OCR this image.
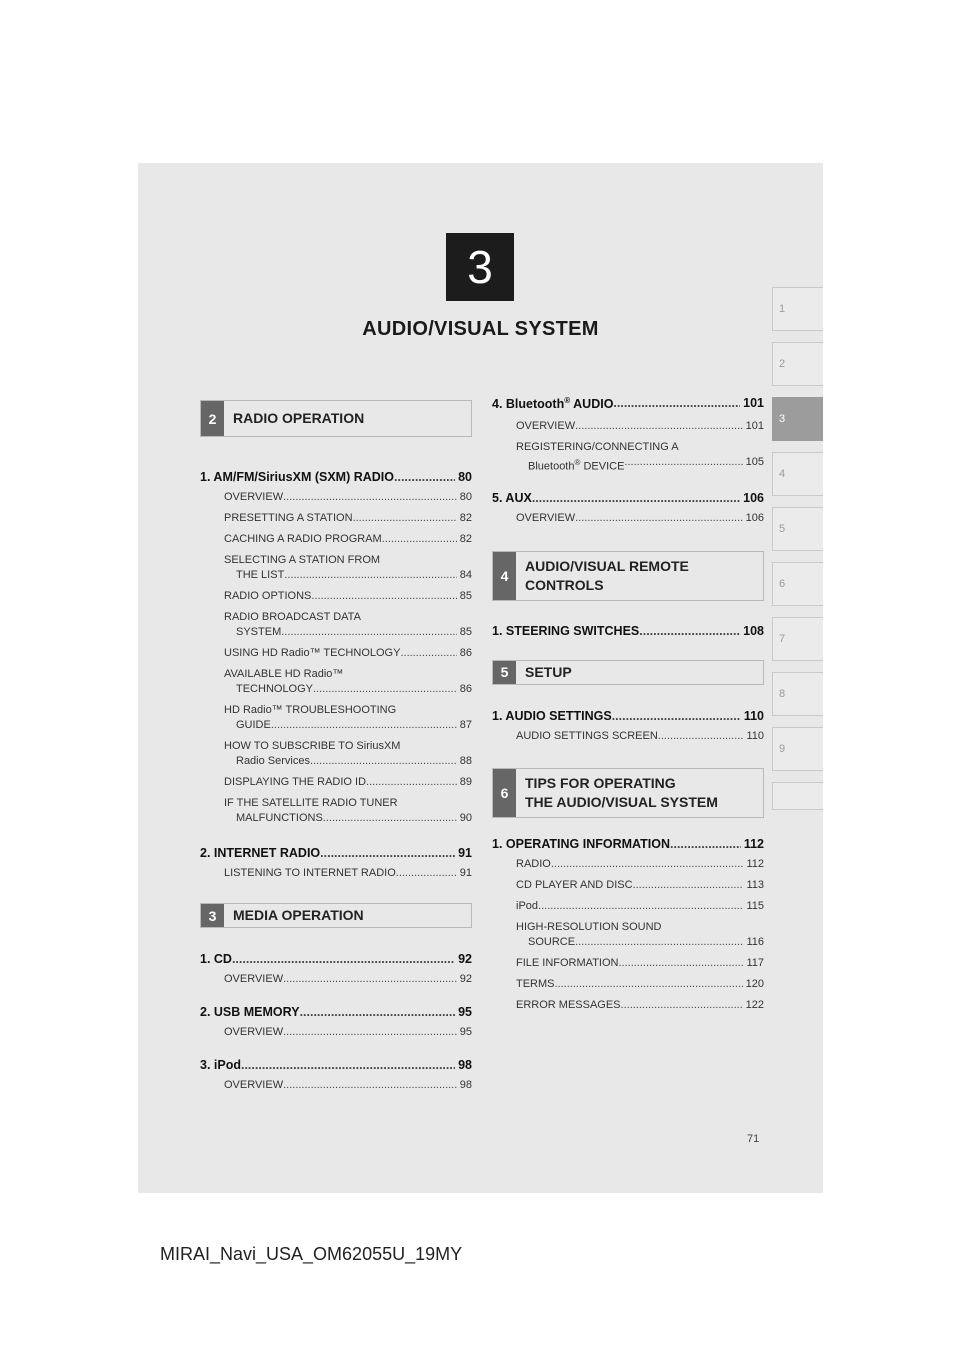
3
AUDIO/VISUAL SYSTEM
1
2
3
4
5
6
7
8
9
2	RADIO OPERATION
1. AM/FM/SiriusXM (SXM) RADIO .....	80
OVERVIEW .....	80
PRESETTING A STATION .....	82
CACHING A RADIO PROGRAM .....	82
SELECTING A STATION FROM
THE LIST .....	84
RADIO OPTIONS .....	85
RADIO BROADCAST DATA
SYSTEM .....	85
USING HD Radio™ TECHNOLOGY .....	86
AVAILABLE HD Radio™
TECHNOLOGY .....	86
HD Radio™ TROUBLESHOOTING
GUIDE .....	87
HOW TO SUBSCRIBE TO SiriusXM
Radio Services .....	88
DISPLAYING THE RADIO ID .....	89
IF THE SATELLITE RADIO TUNER
MALFUNCTIONS .....	90
2. INTERNET RADIO .....	91
LISTENING TO INTERNET RADIO .....	91
3	MEDIA OPERATION
1. CD .....	92
OVERVIEW .....	92
2. USB MEMORY .....	95
OVERVIEW .....	95
3. iPod .....	98
OVERVIEW .....	98
4. Bluetooth® AUDIO .....	101
OVERVIEW .....	101
REGISTERING/CONNECTING A
Bluetooth® DEVICE .....	105
5. AUX .....	106
OVERVIEW .....	106
4
AUDIO/VISUAL REMOTE
CONTROLS
1. STEERING SWITCHES .....	108
5	SETUP
1. AUDIO SETTINGS .....	110
AUDIO SETTINGS SCREEN .....	110
6
TIPS FOR OPERATING
THE AUDIO/VISUAL SYSTEM
1. OPERATING INFORMATION .....	112
RADIO .....	112
CD PLAYER AND DISC .....	113
iPod .....	115
HIGH-RESOLUTION SOUND
SOURCE .....	116
FILE INFORMATION .....	117
TERMS .....	120
ERROR MESSAGES .....	122
71
MIRAI_Navi_USA_OM62055U_19MY
